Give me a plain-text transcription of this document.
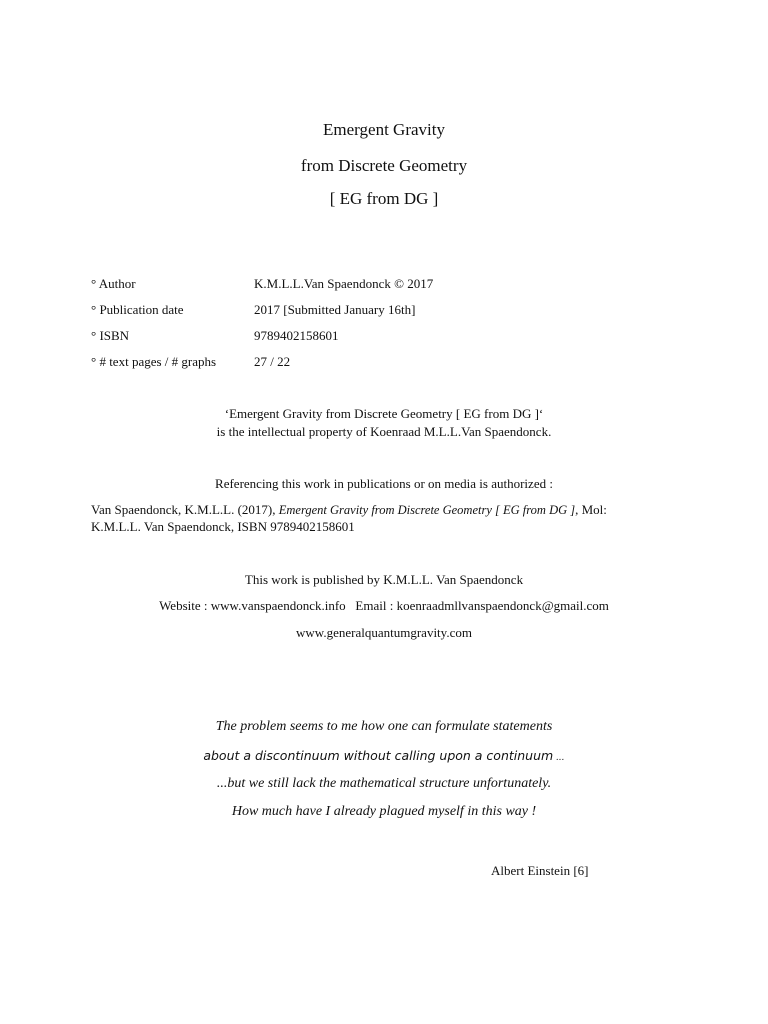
Emergent Gravity
from Discrete Geometry
[ EG from DG ]
° Author	K.M.L.L.Van Spaendonck © 2017
° Publication date	2017 [Submitted January 16th]
° ISBN	9789402158601
° # text pages / # graphs	27 / 22
‘Emergent Gravity from Discrete Geometry [ EG from DG ]‘
is the intellectual property of Koenraad M.L.L.Van Spaendonck.
Referencing this work in publications or on media is authorized :
Van Spaendonck, K.M.L.L. (2017), Emergent Gravity from Discrete Geometry [ EG from DG ], Mol:
K.M.L.L. Van Spaendonck, ISBN 9789402158601
This work is published by K.M.L.L. Van Spaendonck
Website : www.vanspaendonck.info   Email : koenraadmllvanspaendonck@gmail.com
www.generalquantumgravity.com
The problem seems to me how one can formulate statements
about a discontinuum without calling upon a continuum ...
...but we still lack the mathematical structure unfortunately.
How much have I already plagued myself in this way !
Albert Einstein [6]
